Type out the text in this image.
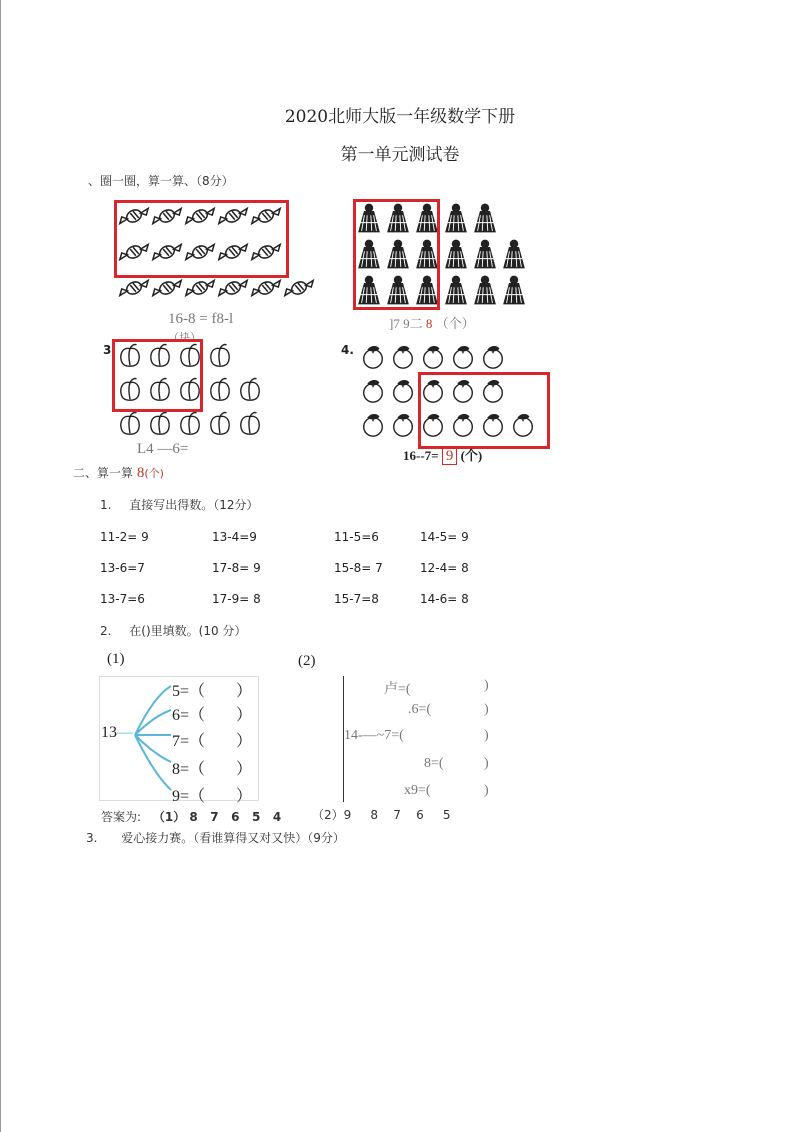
2020北师大版一年级数学下册
第一单元测试卷
、圈一圈，算一算、（8分）
16-8 = f8-l
（块）
]7 9二 8 （个）
3.
L4 —6=
4.
16--7= 9 (个)
二、算一算 8(个)
1. 直接写出得数。（12分）
11-2= 9	13-4=9	11-5=6	14-5= 9
13-6=7	17-8= 9	15-8= 7	12-4= 8
13-7=6	17-9= 8	15-7=8	14-6= 8
2. 在()里填数。(10 分）
(1)	(2)
13—
5=（ ）
6=（ ）
7=（ ）
8=（ ）
9=（ ）
卢=(	)
.6=(	)
14-—~7=(	)
8=(	)
x9=(	)
答案为: （1） 8   7   6   5   4	（2）9     8    7    6     5
3. 爱心接力赛。（看谁算得又对又快）（9分）
